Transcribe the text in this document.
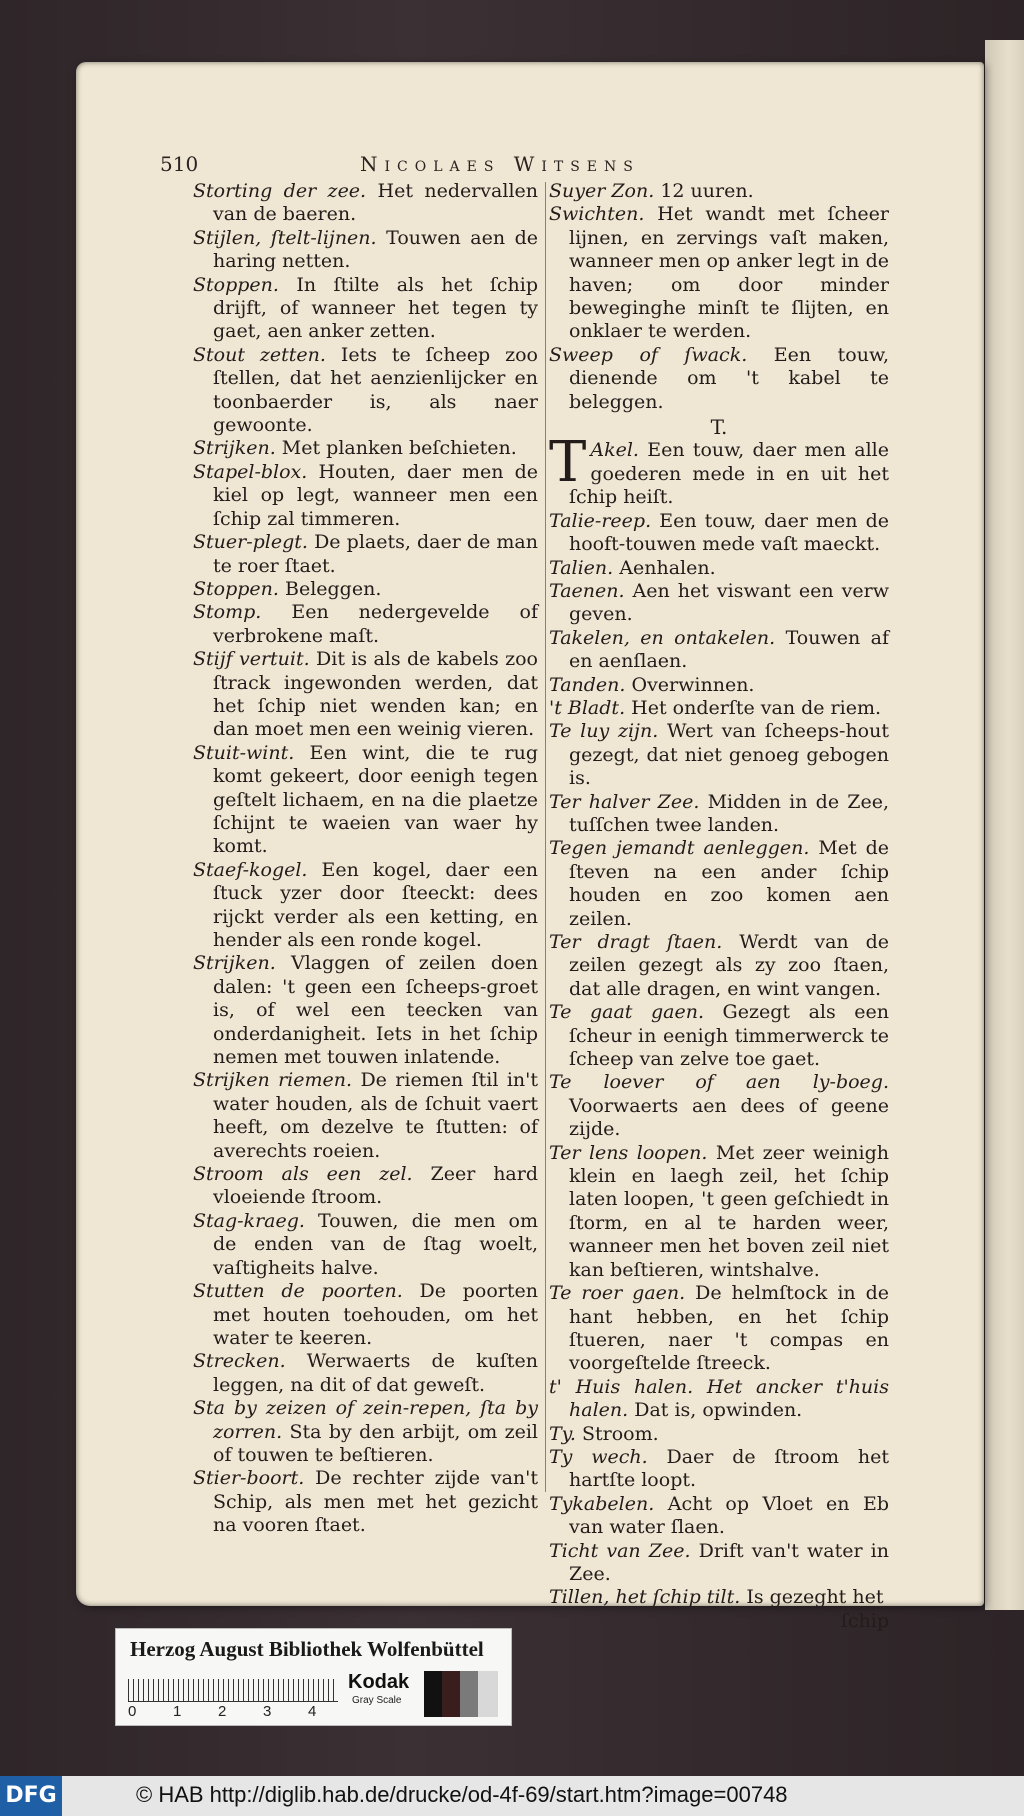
510	Nicolaes Witsens
Storting der zee. Het nedervallen van de baeren.
Stijlen, ſtelt-lijnen. Touwen aen de haring netten.
Stoppen. In ſtilte als het ſchip drijft, of wanneer het tegen ty gaet, aen anker zetten.
Stout zetten. Iets te ſcheep zoo ſtellen, dat het aenzienlijcker en toonbaerder is, als naer gewoonte.
Strijken. Met planken beſchieten.
Stapel-blox. Houten, daer men de kiel op legt, wanneer men een ſchip zal timmeren.
Stuer-plegt. De plaets, daer de man te roer ſtaet.
Stoppen. Beleggen.
Stomp. Een nedergevelde of verbrokene maſt.
Stijf vertuit. Dit is als de kabels zoo ſtrack ingewonden werden, dat het ſchip niet wenden kan; en dan moet men een weinig vieren.
Stuit-wint. Een wint, die te rug komt gekeert, door eenigh tegen geſtelt lichaem, en na die plaetze ſchijnt te waeien van waer hy komt.
Staef-kogel. Een kogel, daer een ſtuck yzer door ſteeckt: dees rijckt verder als een ketting, en hender als een ronde kogel.
Strijken. Vlaggen of zeilen doen dalen: 't geen een ſcheeps-groet is, of wel een teecken van onderdanigheit. Iets in het ſchip nemen met touwen inlatende.
Strijken riemen. De riemen ſtil in't water houden, als de ſchuit vaert heeft, om dezelve te ſtutten: of averechts roeien.
Stroom als een zel. Zeer hard vloeiende ſtroom.
Stag-kraeg. Touwen, die men om de enden van de ſtag woelt, vaſtigheits halve.
Stutten de poorten. De poorten met houten toehouden, om het water te keeren.
Strecken. Werwaerts de kuſten leggen, na dit of dat geweſt.
Sta by zeizen of zein-repen, ſta by zorren. Sta by den arbijt, om zeil of touwen te beſtieren.
Stier-boort. De rechter zijde van't Schip, als men met het gezicht na vooren ſtaet.
Suyer Zon. 12 uuren.
Swichten. Het wandt met ſcheer lijnen, en zervings vaſt maken, wanneer men op anker legt in de haven; om door minder beweginghe minſt te ſlijten, en onklaer te werden.
Sweep of ſwack. Een touw, dienende om 't kabel te beleggen.
T.
T Akel. Een touw, daer men alle goederen mede in en uit het ſchip heiſt.
Talie-reep. Een touw, daer men de hooft-touwen mede vaſt maeckt.
Talien. Aenhalen.
Taenen. Aen het viswant een verw geven.
Takelen, en ontakelen. Touwen af en aenſlaen.
Tanden. Overwinnen.
't Bladt. Het onderſte van de riem.
Te luy zijn. Wert van ſcheeps-hout gezegt, dat niet genoeg gebogen is.
Ter halver Zee. Midden in de Zee, tuſſchen twee landen.
Tegen jemandt aenleggen. Met de ſteven na een ander ſchip houden en zoo komen aen zeilen.
Ter dragt ſtaen. Werdt van de zeilen gezegt als zy zoo ſtaen, dat alle dragen, en wint vangen.
Te gaat gaen. Gezegt als een ſcheur in eenigh timmerwerck te ſcheep van zelve toe gaet.
Te loever of aen ly-boeg. Voorwaerts aen dees of geene zijde.
Ter lens loopen. Met zeer weinigh klein en laegh zeil, het ſchip laten loopen, 't geen geſchiedt in ſtorm, en al te harden weer, wanneer men het boven zeil niet kan beſtieren, wintshalve.
Te roer gaen. De helmſtock in de hant hebben, en het ſchip ſtueren, naer 't compas en voorgeſtelde ſtreeck.
t' Huis halen. Het ancker t'huis halen. Dat is, opwinden.
Ty. Stroom.
Ty wech. Daer de ſtroom het hartſte loopt.
Tykabelen. Acht op Vloet en Eb van water ſlaen.
Ticht van Zee. Drift van't water in Zee.
Tillen, het ſchip tilt. Is gezeght het
ſchip
Herzog August Bibliothek Wolfenbüttel
0 1 2 3 4
Kodak
Gray Scale
DFG	© HAB http://diglib.hab.de/drucke/od-4f-69/start.htm?image=00748
